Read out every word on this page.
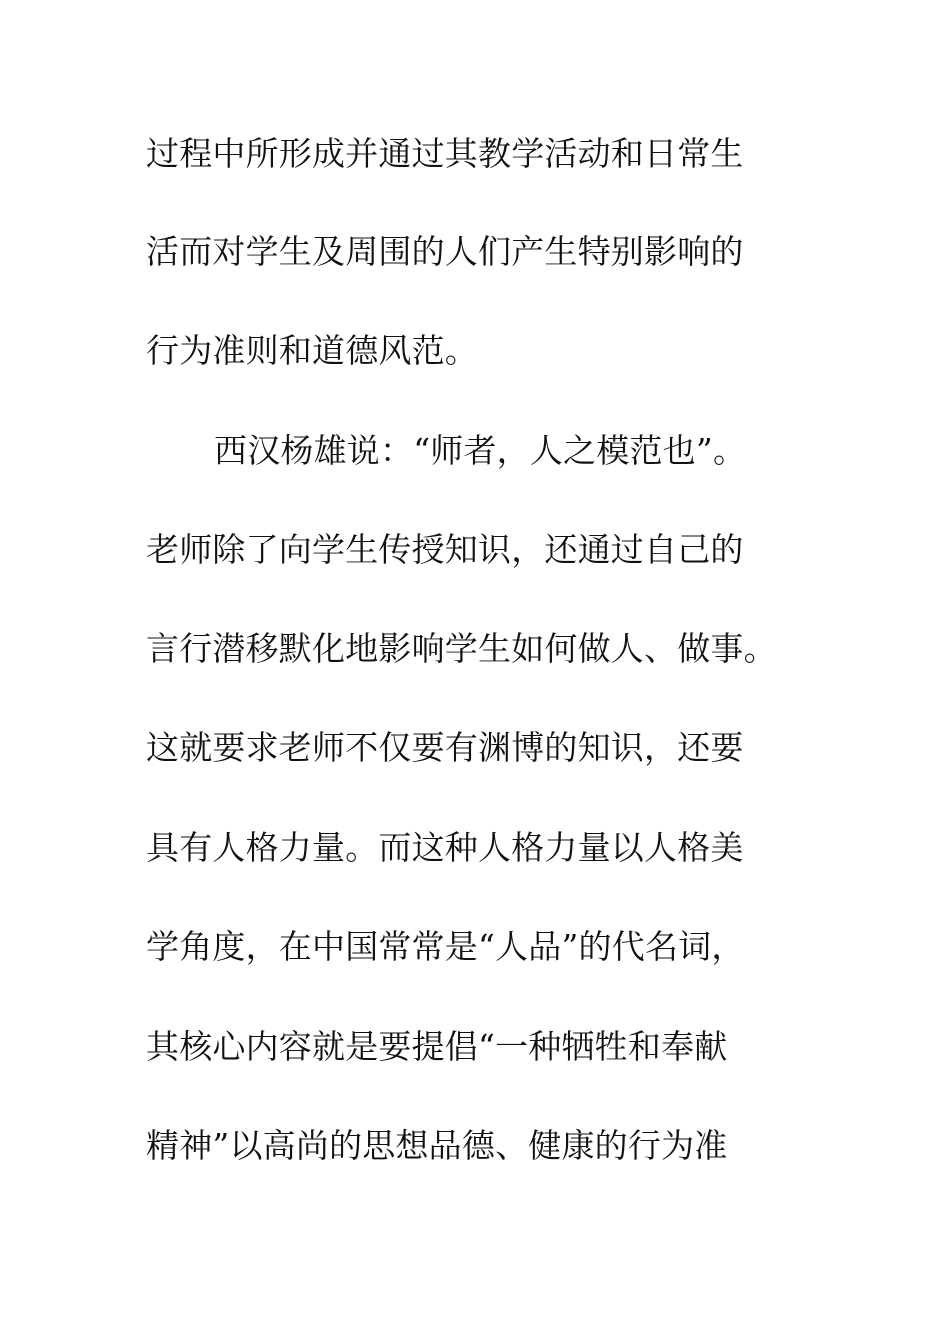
过程中所形成并通过其教学活动和日常生
活而对学生及周围的人们产生特别影响的
行为准则和道德风范。
西汉杨雄说：“师者，人之模范也”。
老师除了向学生传授知识，还通过自己的
言行潜移默化地影响学生如何做人、做事。
这就要求老师不仅要有渊博的知识，还要
具有人格力量。而这种人格力量以人格美
学角度，在中国常常是“人品”的代名词，
其核心内容就是要提倡“一种牺牲和奉献
精神”以高尚的思想品德、健康的行为准
